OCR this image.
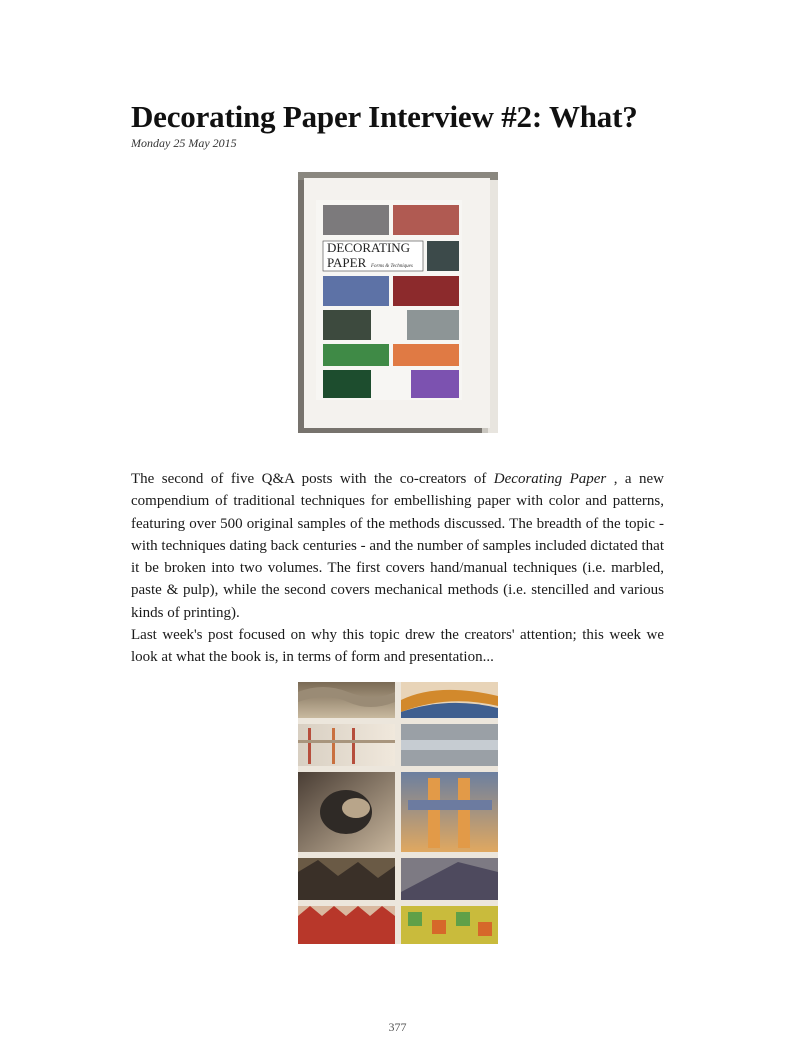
Decorating Paper Interview #2: What?
Monday 25 May 2015
DECORATING
PAPER Forms & Techniques

The second of five Q&A posts with the co-creators of Decorating Paper , a new compendium of traditional techniques for embellishing paper with color and patterns, featuring over 500 original samples of the methods discussed. The breadth of the topic - with techniques dating back centuries - and the number of samples included dictated that it be broken into two volumes. The first covers hand/manual techniques (i.e. marbled, paste & pulp), while the second covers mechanical methods (i.e. stencilled and various kinds of printing).

Last week's post focused on why this topic drew the creators' attention; this week we look at what the book is, in terms of form and presentation...

377
